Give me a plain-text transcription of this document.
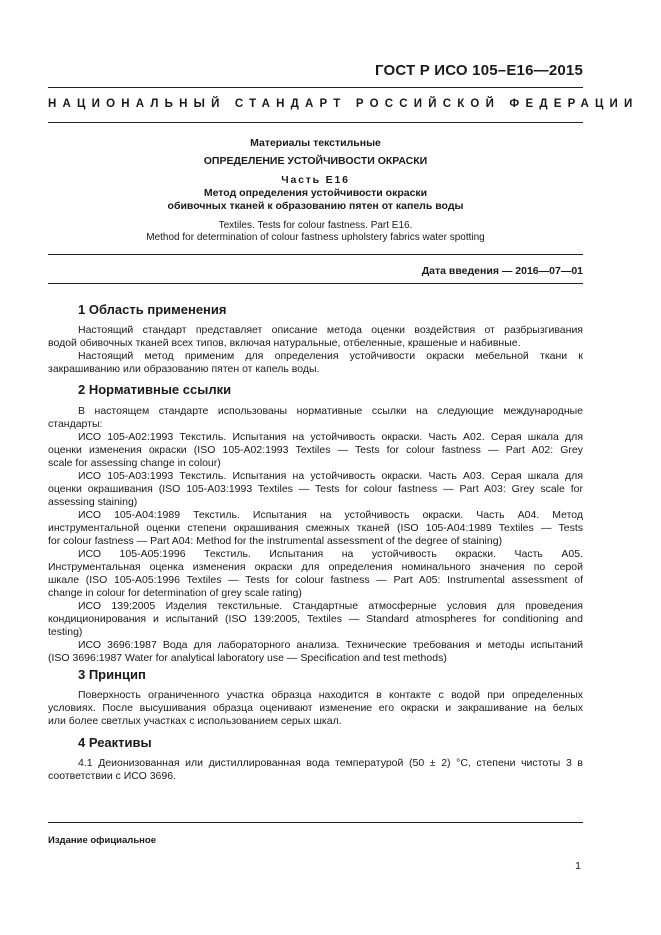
ГОСТ Р ИСО 105–E16—2015
НАЦИОНАЛЬНЫЙ СТАНДАРТ РОССИЙСКОЙ ФЕДЕРАЦИИ
Материалы текстильные
ОПРЕДЕЛЕНИЕ УСТОЙЧИВОСТИ ОКРАСКИ
Часть E16
Метод определения устойчивости окраски
обивочных тканей к образованию пятен от капель воды
Textiles. Tests for colour fastness. Part E16.
Method for determination of colour fastness upholstery fabrics water spotting
Дата введения — 2016—07—01
1 Область применения
Настоящий стандарт представляет описание метода оценки воздействия от разбрызгивания
водой обивочных тканей всех типов, включая натуральные, отбеленные, крашеные и набивные.
Настоящий метод применим для определения устойчивости окраски мебельной ткани к
закрашиванию или образованию пятен от капель воды.
2 Нормативные ссылки
В настоящем стандарте использованы нормативные ссылки на следующие международные
стандарты:
ИСО 105-A02:1993 Текстиль. Испытания на устойчивость окраски. Часть A02. Серая шкала для
оценки изменения окраски (ISO 105-A02:1993 Textiles — Tests for colour fastness — Part A02: Grey
scale for assessing change in colour)
ИСО 105-A03:1993 Текстиль. Испытания на устойчивость окраски. Часть A03. Серая шкала для
оценки окрашивания (ISO 105-A03:1993 Textiles — Tests for colour fastness — Part A03: Grey scale for
assessing staining)
ИСО 105-A04:1989 Текстиль. Испытания на устойчивость окраски. Часть A04. Метод
инструментальной оценки степени окрашивания смежных тканей (ISO 105-A04:1989 Textiles — Tests
for colour fastness — Part A04: Method for the instrumental assessment of the degree of staining)
ИСО 105-A05:1996 Текстиль. Испытания на устойчивость окраски. Часть A05.
Инструментальная оценка изменения окраски для определения номинального значения по серой
шкале (ISO 105-A05:1996 Textiles — Tests for colour fastness — Part A05: Instrumental assessment of
change in colour for determination of grey scale rating)
ИСО 139:2005 Изделия текстильные. Стандартные атмосферные условия для проведения
кондиционирования и испытаний (ISO 139:2005, Textiles — Standard atmospheres for conditioning and
testing)
ИСО 3696:1987 Вода для лабораторного анализа. Технические требования и методы испытаний
(ISO 3696:1987 Water for analytical laboratory use — Specification and test methods)
3 Принцип
Поверхность ограниченного участка образца находится в контакте с водой при определенных
условиях. После высушивания образца оценивают изменение его окраски и закрашивание на белых
или более светлых участках с использованием серых шкал.
4 Реактивы
4.1 Деионизованная или дистиллированная вода температурой (50 ± 2) °С, степени чистоты 3 в
соответствии с ИСО 3696.
Издание официальное
1
